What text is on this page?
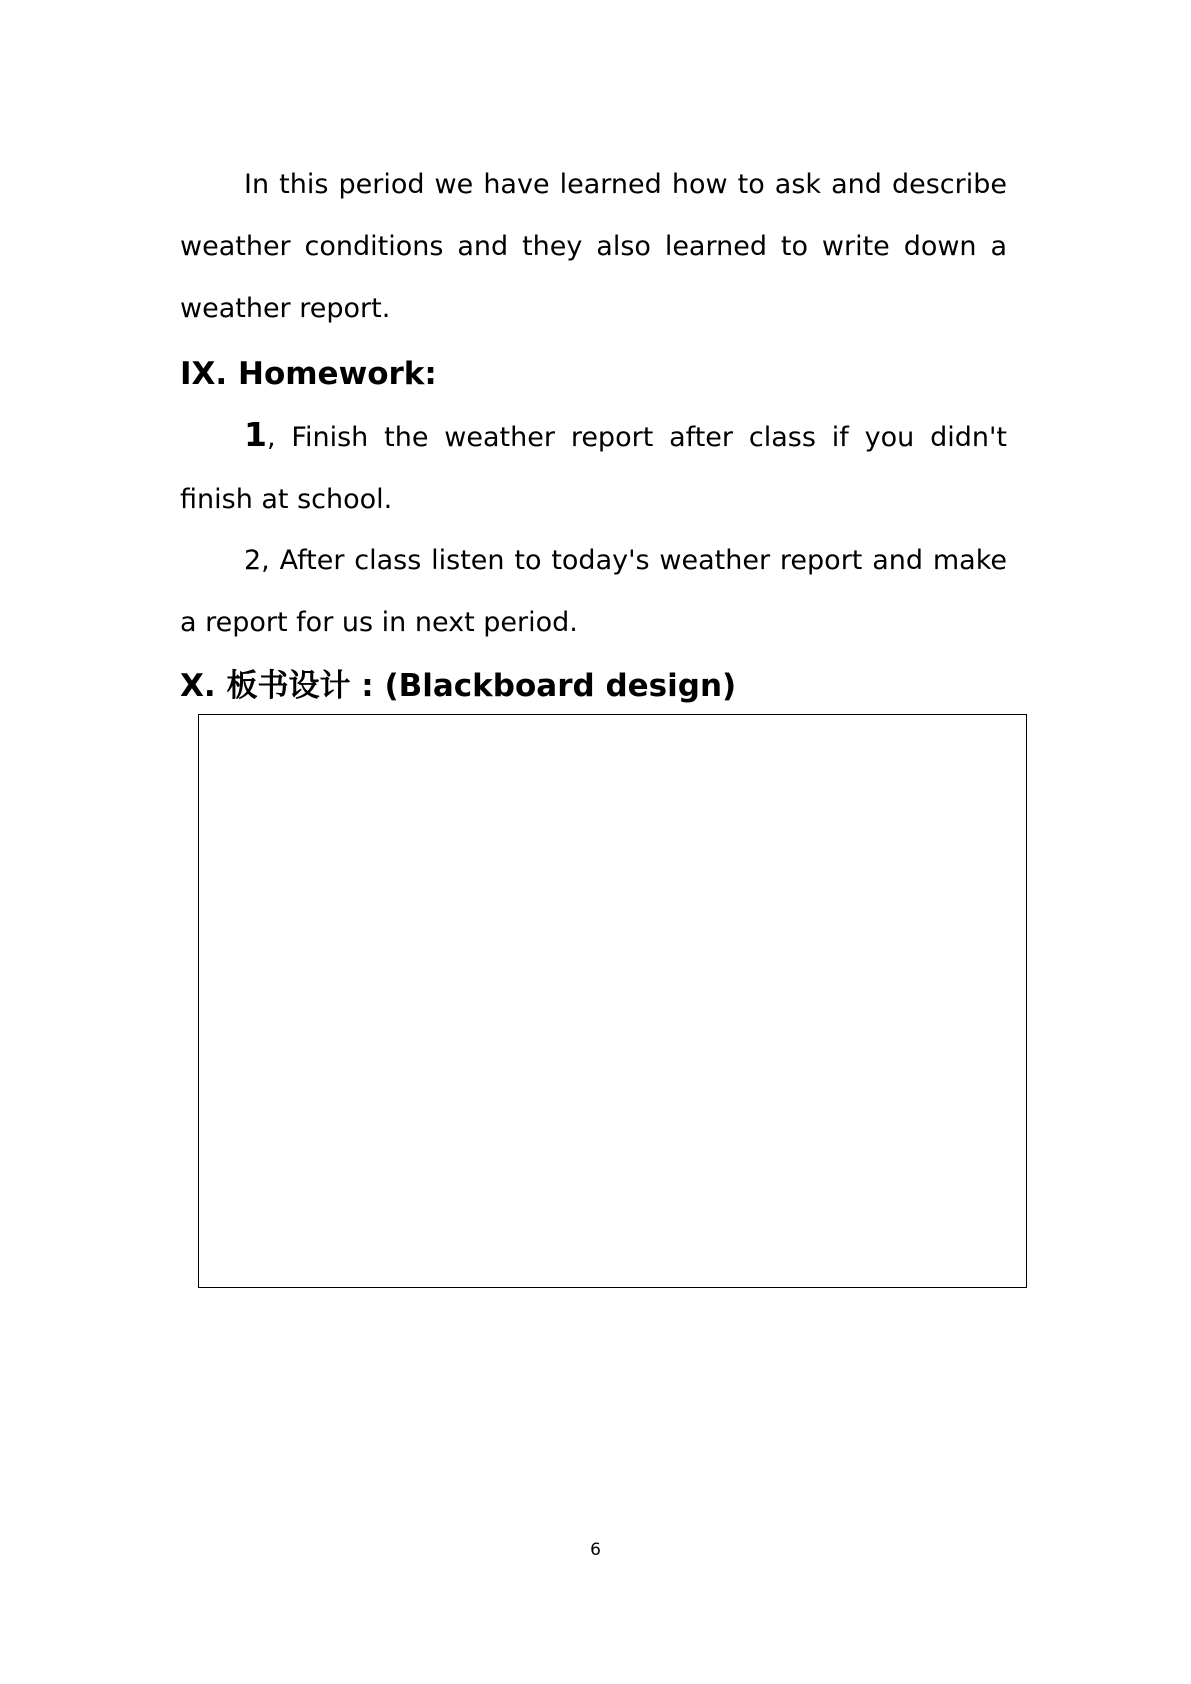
In this period we have learned how to ask and describe weather conditions and they also learned to write down a weather report.

IX. Homework:

1, Finish the weather report after class if you didn't finish at school.

2, After class listen to today's weather report and make a report for us in next period.

X. 板书设计 : (Blackboard design)
6
